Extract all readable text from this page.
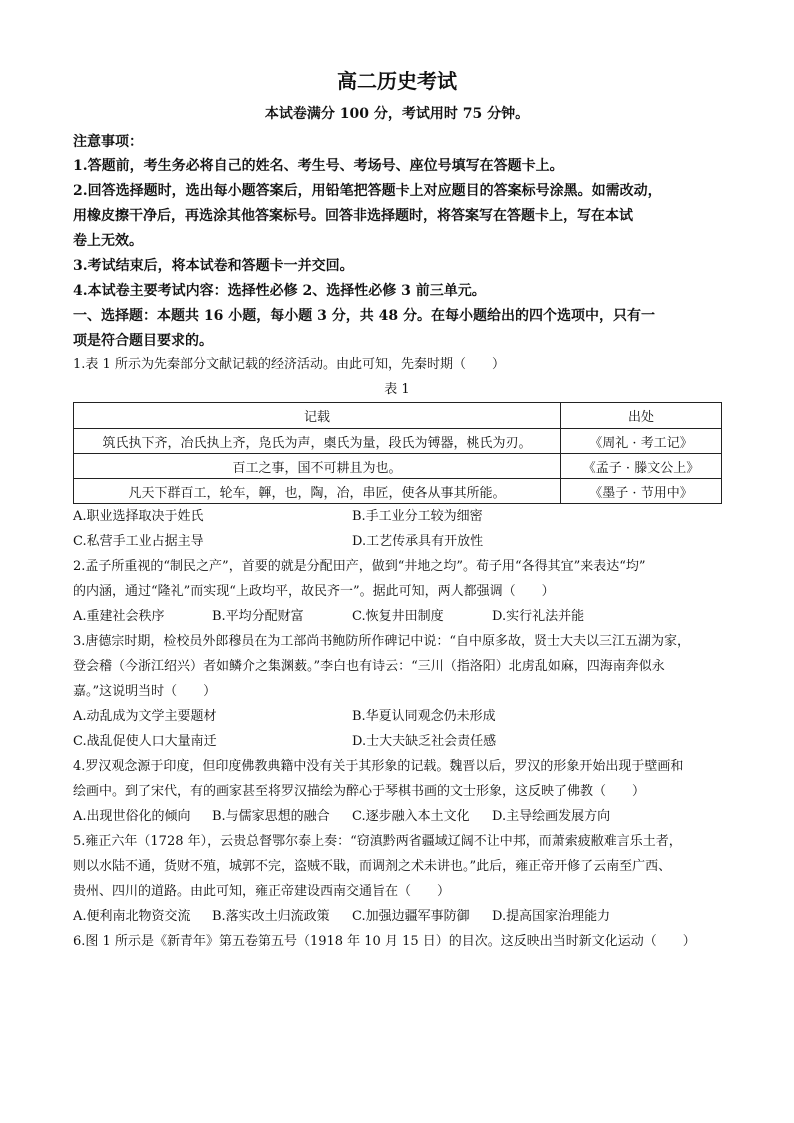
高二历史考试
本试卷满分 100 分，考试用时 75 分钟。
注意事项：
1.答题前，考生务必将自己的姓名、考生号、考场号、座位号填写在答题卡上。
2.回答选择题时，选出每小题答案后，用铅笔把答题卡上对应题目的答案标号涂黑。如需改动，
用橡皮擦干净后，再选涂其他答案标号。回答非选择题时，将答案写在答题卡上，写在本试
卷上无效。
3.考试结束后，将本试卷和答题卡一并交回。
4.本试卷主要考试内容：选择性必修 2、选择性必修 3 前三单元。
一、选择题：本题共 16 小题，每小题 3 分，共 48 分。在每小题给出的四个选项中，只有一
项是符合题目要求的。
1.表 1 所示为先秦部分文献记载的经济活动。由此可知，先秦时期（　　）
表 1
记载	出处
筑氏执下齐，冶氏执上齐，凫氏为声，㮚氏为量，段氏为镈器，桃氏为刃。	《周礼 · 考工记》
百工之事，国不可耕且为也。	《孟子 · 滕文公上》
凡天下群百工，轮车，韗，也，陶，冶，串匠，使各从事其所能。	《墨子 · 节用中》
A.职业选择取决于姓氏	B.手工业分工较为细密
C.私营手工业占据主导	D.工艺传承具有开放性
2.孟子所重视的“制民之产”，首要的就是分配田产，做到“井地之均”。荀子用“各得其宜”来表达“均”
的内涵，通过“隆礼”而实现“上政均平，故民齐一”。据此可知，两人都强调（　　）
A.重建社会秩序	B.平均分配财富	C.恢复井田制度	D.实行礼法并能
3.唐德宗时期，检校员外郎穆员在为工部尚书鲍防所作碑记中说：“自中原多故，贤士大夫以三江五湖为家，
登会稽（今浙江绍兴）者如鳞介之集渊薮。”李白也有诗云：“三川（指洛阳）北虏乱如麻，四海南奔似永
嘉。”这说明当时（　　）
A.动乱成为文学主要题材	B.华夏认同观念仍未形成
C.战乱促使人口大量南迁	D.士大夫缺乏社会责任感
4.罗汉观念源于印度，但印度佛教典籍中没有关于其形象的记载。魏晋以后，罗汉的形象开始出现于壁画和
绘画中。到了宋代，有的画家甚至将罗汉描绘为醉心于琴棋书画的文士形象，这反映了佛教（　　）
A.出现世俗化的倾向 B.与儒家思想的融合 C.逐步融入本土文化 D.主导绘画发展方向
5.雍正六年（1728 年），云贵总督鄂尔泰上奏：“窃滇黔两省疆域辽阔不让中邦，而萧索疲敝难言乐土者，
则以水陆不通，货财不殖，城郭不完，盗贼不戢，而调剂之术未讲也。”此后，雍正帝开修了云南至广西、
贵州、四川的道路。由此可知，雍正帝建设西南交通旨在（　　）
A.便利南北物资交流 B.落实改土归流政策 C.加强边疆军事防御 D.提高国家治理能力
6.图 1 所示是《新青年》第五卷第五号（1918 年 10 月 15 日）的目次。这反映出当时新文化运动（　　）
